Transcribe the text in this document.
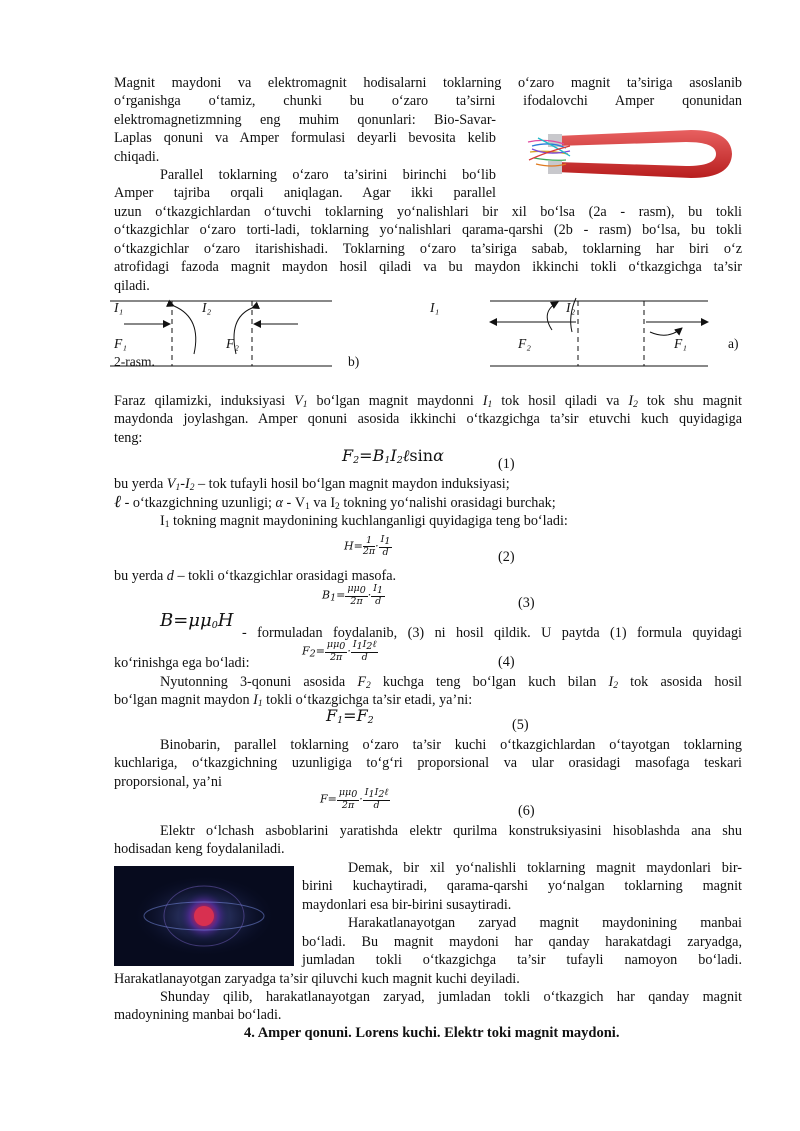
Magnit maydoni va elektromagnit hodisalarni toklarning o‘zaro magnit ta’siriga asoslanib
o‘rganishga o‘tamiz, chunki bu o‘zaro ta’sirni ifodalovchi Amper qonunidan
elektromagnetizmning eng muhim qonunlari: Bio-Savar-
Laplas qonuni va Amper formulasi deyarli bevosita kelib
chiqadi.
Parallel toklarning o‘zaro ta’sirini birinchi bo‘lib
Amper tajriba orqali aniqlagan. Agar ikki parallel
uzun o‘tkazgichlardan o‘tuvchi toklarning yo‘nalishlari bir xil bo‘lsa (2a - rasm), bu tokli
o‘tkazgichlar o‘zaro torti-ladi, toklarning yo‘nalishlari qarama-qarshi (2b - rasm) bo‘lsa, bu tokli
o‘tkazgichlar o‘zaro itarishishadi. Toklarning o‘zaro ta’siriga sabab, toklarning har biri o‘z
atrofidagi fazoda magnit maydon hosil qiladi va bu maydon ikkinchi tokli o‘tkazgichga ta’sir
qiladi.
I₁	I₂
F₁	F₂
I₁	I₂
F₂	F₁	a)
b)
2-rasm.
Faraz qilamizki, induksiyasi $V_1$ bo‘lgan magnit maydonni $I_1$ tok hosil qiladi va $I_2$ tok shu magnit
maydonda joylashgan. Amper qonuni asosida ikkinchi o‘tkazgichga ta’sir etuvchi kuch quyidagiga
teng:
$F_2=B_1I_2\ell\sin\alpha$	(1)
bu yerda $V_1-I_2$ – tok tufayli hosil bo‘lgan magnit maydon induksiyasi;
ℓ - o‘tkazgichning uzunligi; α - $V_1$ va $I_2$ tokning yo‘nalishi orasidagi burchak;
$I_1$ tokning magnit maydonining kuchlanganligi quyidagiga teng bo‘ladi:
$H= \frac{1}{2\pi} \cdot \frac{I_1}{d}$	(2)
bu yerda d – tokli o‘tkazgichlar orasidagi masofa.
$B_1= \frac{\mu\mu_0}{2\pi} \cdot \frac{I_1}{d}$	(3)
$B=\mu\mu_0H$
- formuladan foydalanib, (3) ni hosil qildik. U paytda (1) formula quyidagi
ko‘rinishga ega bo‘ladi:
$F_2= \frac{\mu\mu_0}{2\pi} \cdot \frac{I_1I_2\ell}{d}$	(4)
Nyutonning 3-qonuni asosida $F_2$ kuchga teng bo‘lgan kuch bilan $I_2$ tok asosida hosil
bo‘lgan magnit maydon $I_1$ tokli o‘tkazgichga ta’sir etadi, ya’ni:
$F_1=F_2$	(5)
Binobarin, parallel toklarning o‘zaro ta’sir kuchi o‘tkazgichlardan o‘tayotgan toklarning
kuchlariga, o‘tkazgichning uzunligiga to‘g‘ri proporsional va ular orasidagi masofaga teskari
proporsional, ya’ni
$F= \frac{\mu\mu_0}{2\pi} \cdot \frac{I_1I_2\ell}{d}$	(6)
Elektr o‘lchash asboblarini yaratishda elektr qurilma konstruksiyasini hisoblashda ana shu
hodisadan keng foydalaniladi.
Demak, bir xil yo‘nalishli toklarning magnit maydonlari bir-
birini kuchaytiradi, qarama-qarshi yo‘nalgan toklarning magnit
maydonlari esa bir-birini susaytiradi.
Harakatlanayotgan zaryad magnit maydonining manbai
bo‘ladi. Bu magnit maydoni har qanday harakatdagi zaryadga,
jumladan tokli o‘tkazgichga ta’sir tufayli namoyon bo‘ladi.
Harakatlanayotgan zaryadga ta’sir qiluvchi kuch magnit kuchi deyiladi.
Shunday qilib, harakatlanayotgan zaryad, jumladan tokli o‘tkazgich har qanday magnit
madoynining manbai bo‘ladi.
4. Amper qonuni. Lorens kuchi. Elektr toki magnit maydoni.
